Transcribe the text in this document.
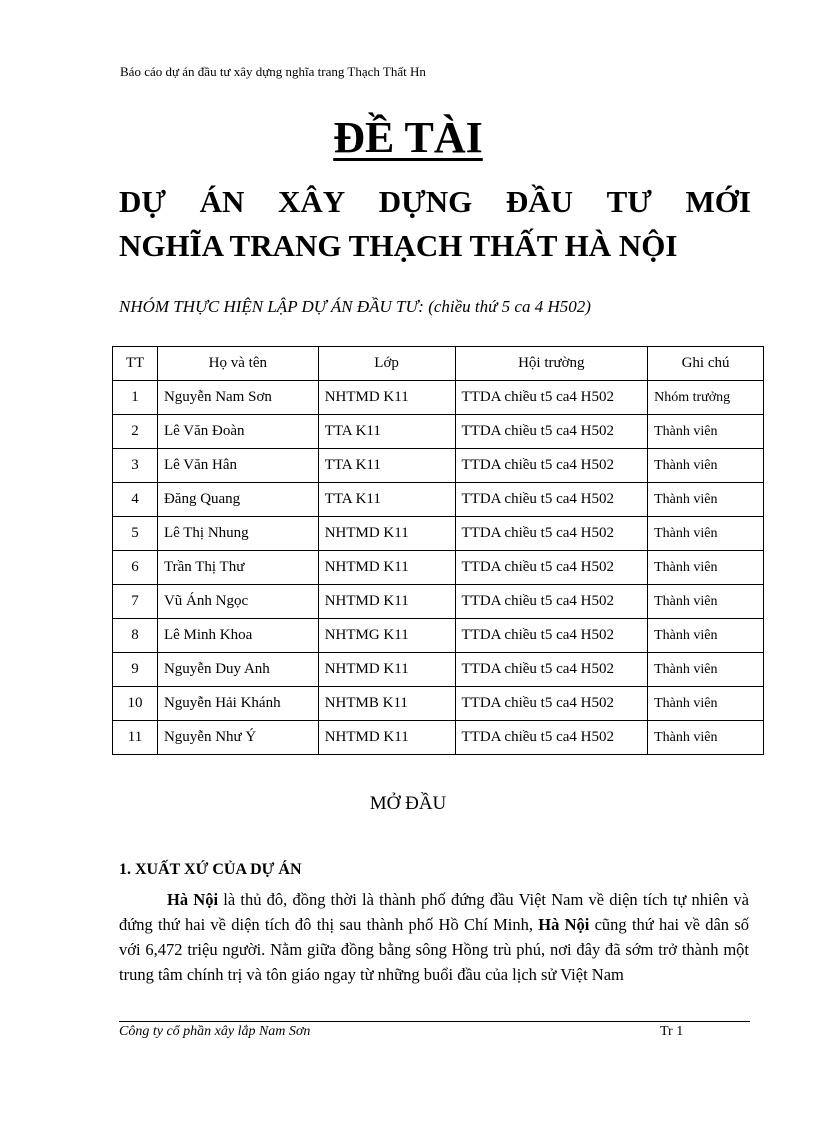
Báo cáo dự án đầu tư xây dựng nghĩa trang Thạch Thất Hn
ĐỀ TÀI
DỰ ÁN XÂY DỰNG ĐẦU TƯ MỚI
NGHĨA TRANG THẠCH THẤT HÀ NỘI
NHÓM THỰC HIỆN LẬP DỰ ÁN ĐẦU TƯ: (chiều thứ 5 ca 4 H502)
TT	Họ và tên	Lớp	Hội trường	Ghi chú
1	Nguyễn Nam Sơn	NHTMD K11	TTDA chiều t5 ca4 H502	Nhóm trưởng
2	Lê Văn Đoàn	TTA K11	TTDA chiều t5 ca4 H502	Thành viên
3	Lê Văn Hân	TTA K11	TTDA chiều t5 ca4 H502	Thành viên
4	Đăng Quang	TTA K11	TTDA chiều t5 ca4 H502	Thành viên
5	Lê Thị Nhung	NHTMD K11	TTDA chiều t5 ca4 H502	Thành viên
6	Trần Thị Thư	NHTMD K11	TTDA chiều t5 ca4 H502	Thành viên
7	Vũ Ánh Ngọc	NHTMD K11	TTDA chiều t5 ca4 H502	Thành viên
8	Lê Minh Khoa	NHTMG K11	TTDA chiều t5 ca4 H502	Thành viên
9	Nguyễn Duy Anh	NHTMD K11	TTDA chiều t5 ca4 H502	Thành viên
10	Nguyễn Hải Khánh	NHTMB K11	TTDA chiều t5 ca4 H502	Thành viên
11	Nguyễn Như Ý	NHTMD K11	TTDA chiều t5 ca4 H502	Thành viên
MỞ ĐẦU
1. XUẤT XỨ CỦA DỰ ÁN
Hà Nội là thủ đô, đồng thời là thành phố đứng đầu Việt Nam về diện tích tự nhiên và đứng thứ hai về diện tích đô thị sau thành phố Hồ Chí Minh, Hà Nội cũng thứ hai về dân số với 6,472 triệu người. Nằm giữa đồng bằng sông Hồng trù phú, nơi đây đã sớm trở thành một trung tâm chính trị và tôn giáo ngay từ những buổi đầu của lịch sử Việt Nam
Công ty cổ phần xây lắp Nam Sơn	Tr 1
